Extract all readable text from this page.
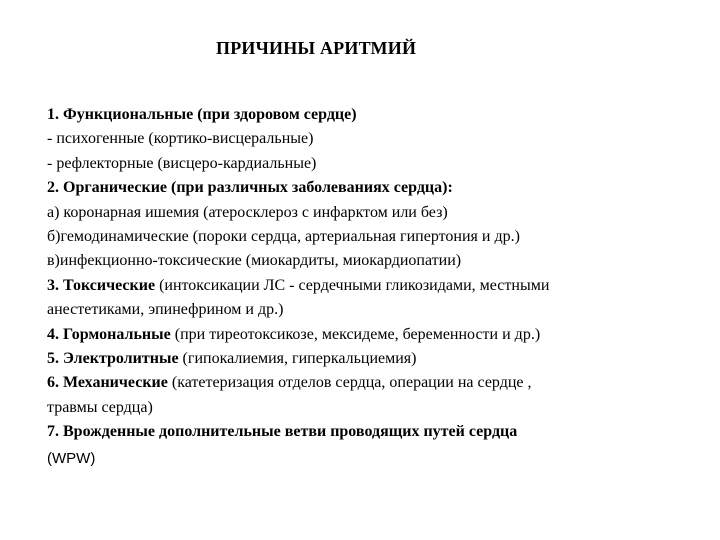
ПРИЧИНЫ АРИТМИЙ
1. Функциональные (при здоровом сердце)
- психогенные (кортико-висцеральные)
- рефлекторные (висцеро-кардиальные)
2. Органические (при различных заболеваниях сердца):
а) коронарная ишемия (атеросклероз с инфарктом или без)
б)гемодинамические (пороки сердца, артериальная гипертония и др.)
в)инфекционно-токсические (миокардиты, миокардиопатии)
3. Токсические (интоксикации ЛС - сердечными гликозидами, местными
анестетиками, эпинефрином и др.)
4. Гормональные (при тиреотоксикозе, мексидеме, беременности и др.)
5. Электролитные (гипокалиемия, гиперкальциемия)
6. Механические (катетеризация отделов сердца, операции на сердце ,
травмы сердца)
7. Врожденные дополнительные ветви проводящих путей сердца
(WPW)
